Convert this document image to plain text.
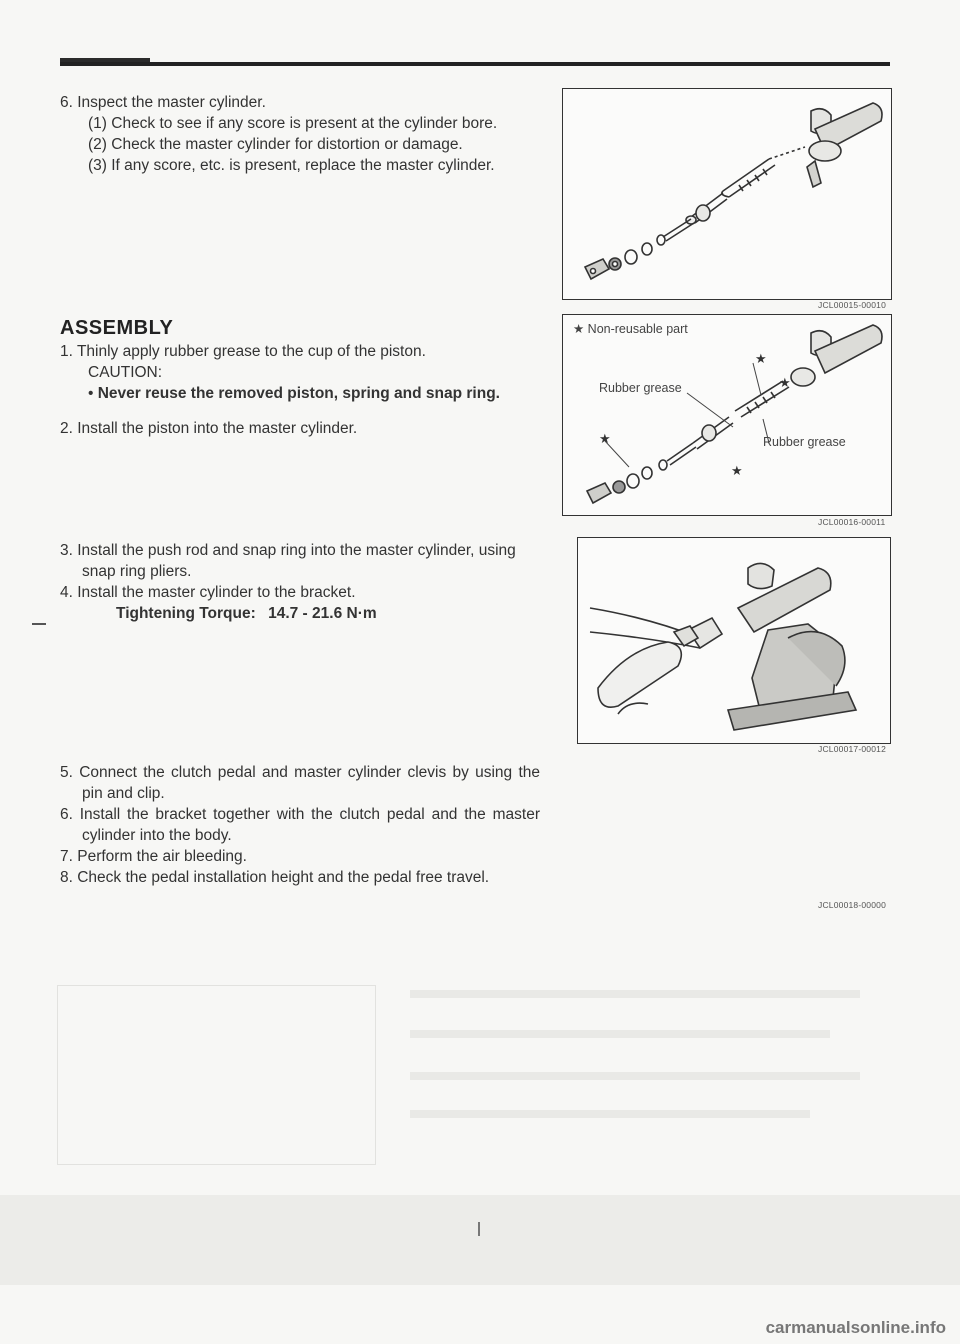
6. Inspect the master cylinder.

(1) Check to see if any score is present at the cylinder bore.

(2) Check the master cylinder for distortion or damage.

(3) If any score, etc. is present, replace the master cylinder.

ASSEMBLY

1. Thinly apply rubber grease to the cup of the piston.

CAUTION:

• Never reuse the removed piston, spring and snap ring.

2. Install the piston into the master cylinder.

3. Install the push rod and snap ring into the master cylinder, using snap ring pliers.

4. Install the master cylinder to the bracket.

Tightening Torque: 14.7 - 21.6 N·m

5. Connect the clutch pedal and master cylinder clevis by using the pin and clip.

6. Install the bracket together with the clutch pedal and the master cylinder into the body.

7. Perform the air bleeding.

8. Check the pedal installation height and the pedal free travel.

JCL00015-00010
★
★
★
★
★ Non-reusable part
Rubber grease
Rubber grease
JCL00016-00011
JCL00017-00012
JCL00018-00000
carmanualsonline.info
